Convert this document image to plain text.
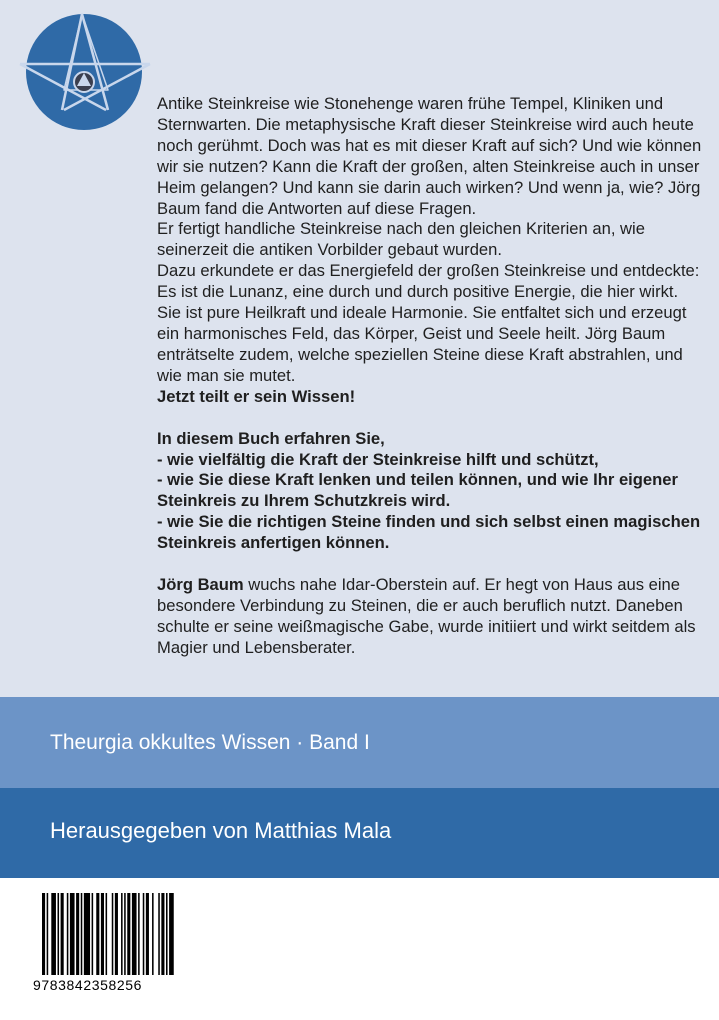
Antike Steinkreise wie Stonehenge waren frühe Tempel, Kliniken und Sternwarten. Die metaphysische Kraft dieser Steinkreise wird auch heute noch gerühmt. Doch was hat es mit dieser Kraft auf sich? Und wie können wir sie nutzen? Kann die Kraft der großen, alten Steinkreise auch in unser Heim gelangen? Und kann sie darin auch wirken? Und wenn ja, wie? Jörg Baum fand die Antworten auf diese Fragen.

Er fertigt handliche Steinkreise nach den gleichen Kriterien an, wie seinerzeit die antiken Vorbilder gebaut wurden.

Dazu erkundete er das Energiefeld der großen Steinkreise und entdeckte: Es ist die Lunanz, eine durch und durch positive Energie, die hier wirkt. Sie ist pure Heilkraft und ideale Harmonie. Sie entfaltet sich und erzeugt ein harmonisches Feld, das Körper, Geist und Seele heilt. Jörg Baum enträtselte zudem, welche speziellen Steine diese Kraft abstrahlen, und wie man sie mutet.

Jetzt teilt er sein Wissen!

In diesem Buch erfahren Sie,

- wie vielfältig die Kraft der Steinkreise hilft und schützt,

- wie Sie diese Kraft lenken und teilen können, und wie Ihr eigener Steinkreis zu Ihrem Schutzkreis wird.

- wie Sie die richtigen Steine finden und sich selbst einen magischen Steinkreis anfertigen können.

Jörg Baum wuchs nahe Idar-Oberstein auf. Er hegt von Haus aus eine besondere Verbindung zu Steinen, die er auch beruflich nutzt. Daneben schulte er seine weißmagische Gabe, wurde initiiert und wirkt seitdem als Magier und Lebensberater.

Theurgia okkultes Wissen · Band I
Herausgegeben von Matthias Mala
9783842358256
